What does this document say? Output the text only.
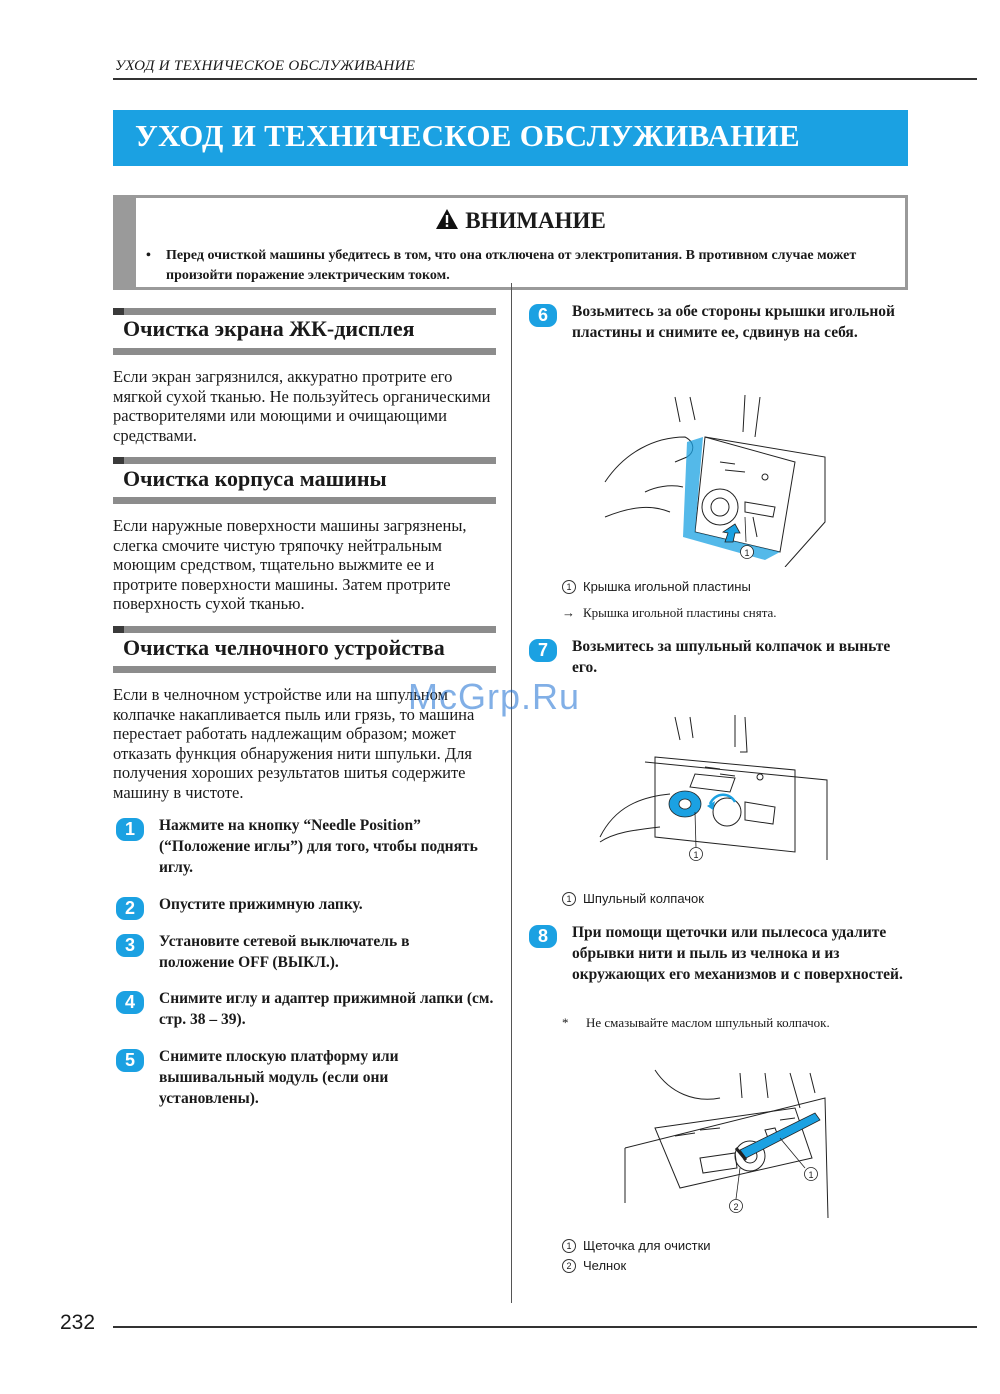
УХОД И ТЕХНИЧЕСКОЕ ОБСЛУЖИВАНИЕ
УХОД И ТЕХНИЧЕСКОЕ ОБСЛУЖИВАНИЕ
ВНИМАНИЕ
• Перед очисткой машины убедитесь в том, что она отключена от электропитания. В противном случае может произойти поражение электрическим током.
Очистка экрана ЖК-дисплея
Если экран загрязнился, аккуратно протрите его мягкой сухой тканью. Не пользуйтесь органическими растворителями или моющими и очищающими средствами.
Очистка корпуса машины
Если наружные поверхности машины загрязнены, слегка смочите чистую тряпочку нейтральным моющим средством, тщательно выжмите ее и протрите поверхности машины. Затем протрите поверхность сухой тканью.
Очистка челночного устройства
Если в челночном устройстве или на шпульном колпачке накапливается пыль или грязь, то машина перестает работать надлежащим образом; может отказать функция обнаружения нити шпульки. Для получения хороших результатов шитья содержите машину в чистоте.
1	Нажмите на кнопку “Needle Position” (“Положение иглы”) для того, чтобы поднять иглу.
2	Опустите прижимную лапку.
3	Установите сетевой выключатель в положение OFF (ВЫКЛ.).
4	Снимите иглу и адаптер прижимной лапки (см. стр. 38 – 39).
5	Снимите плоскую платформу или вышивальный модуль (если они установлены).
6	Возьмитесь за обе стороны крышки игольной пластины и снимите ее, сдвинув на себя.
1
1 Крышка игольной пластины
→ Крышка игольной пластины снята.
7	Возьмитесь за шпульный колпачок и выньте его.
1
1 Шпульный колпачок
8	При помощи щеточки или пылесоса удалите обрывки нити и пыль из челнока и из окружающих его механизмов и с поверхностей.
* Не смазывайте маслом шпульный колпачок.
1
2
1 Щеточка для очистки
2 Челнок
McGrp.Ru
232
